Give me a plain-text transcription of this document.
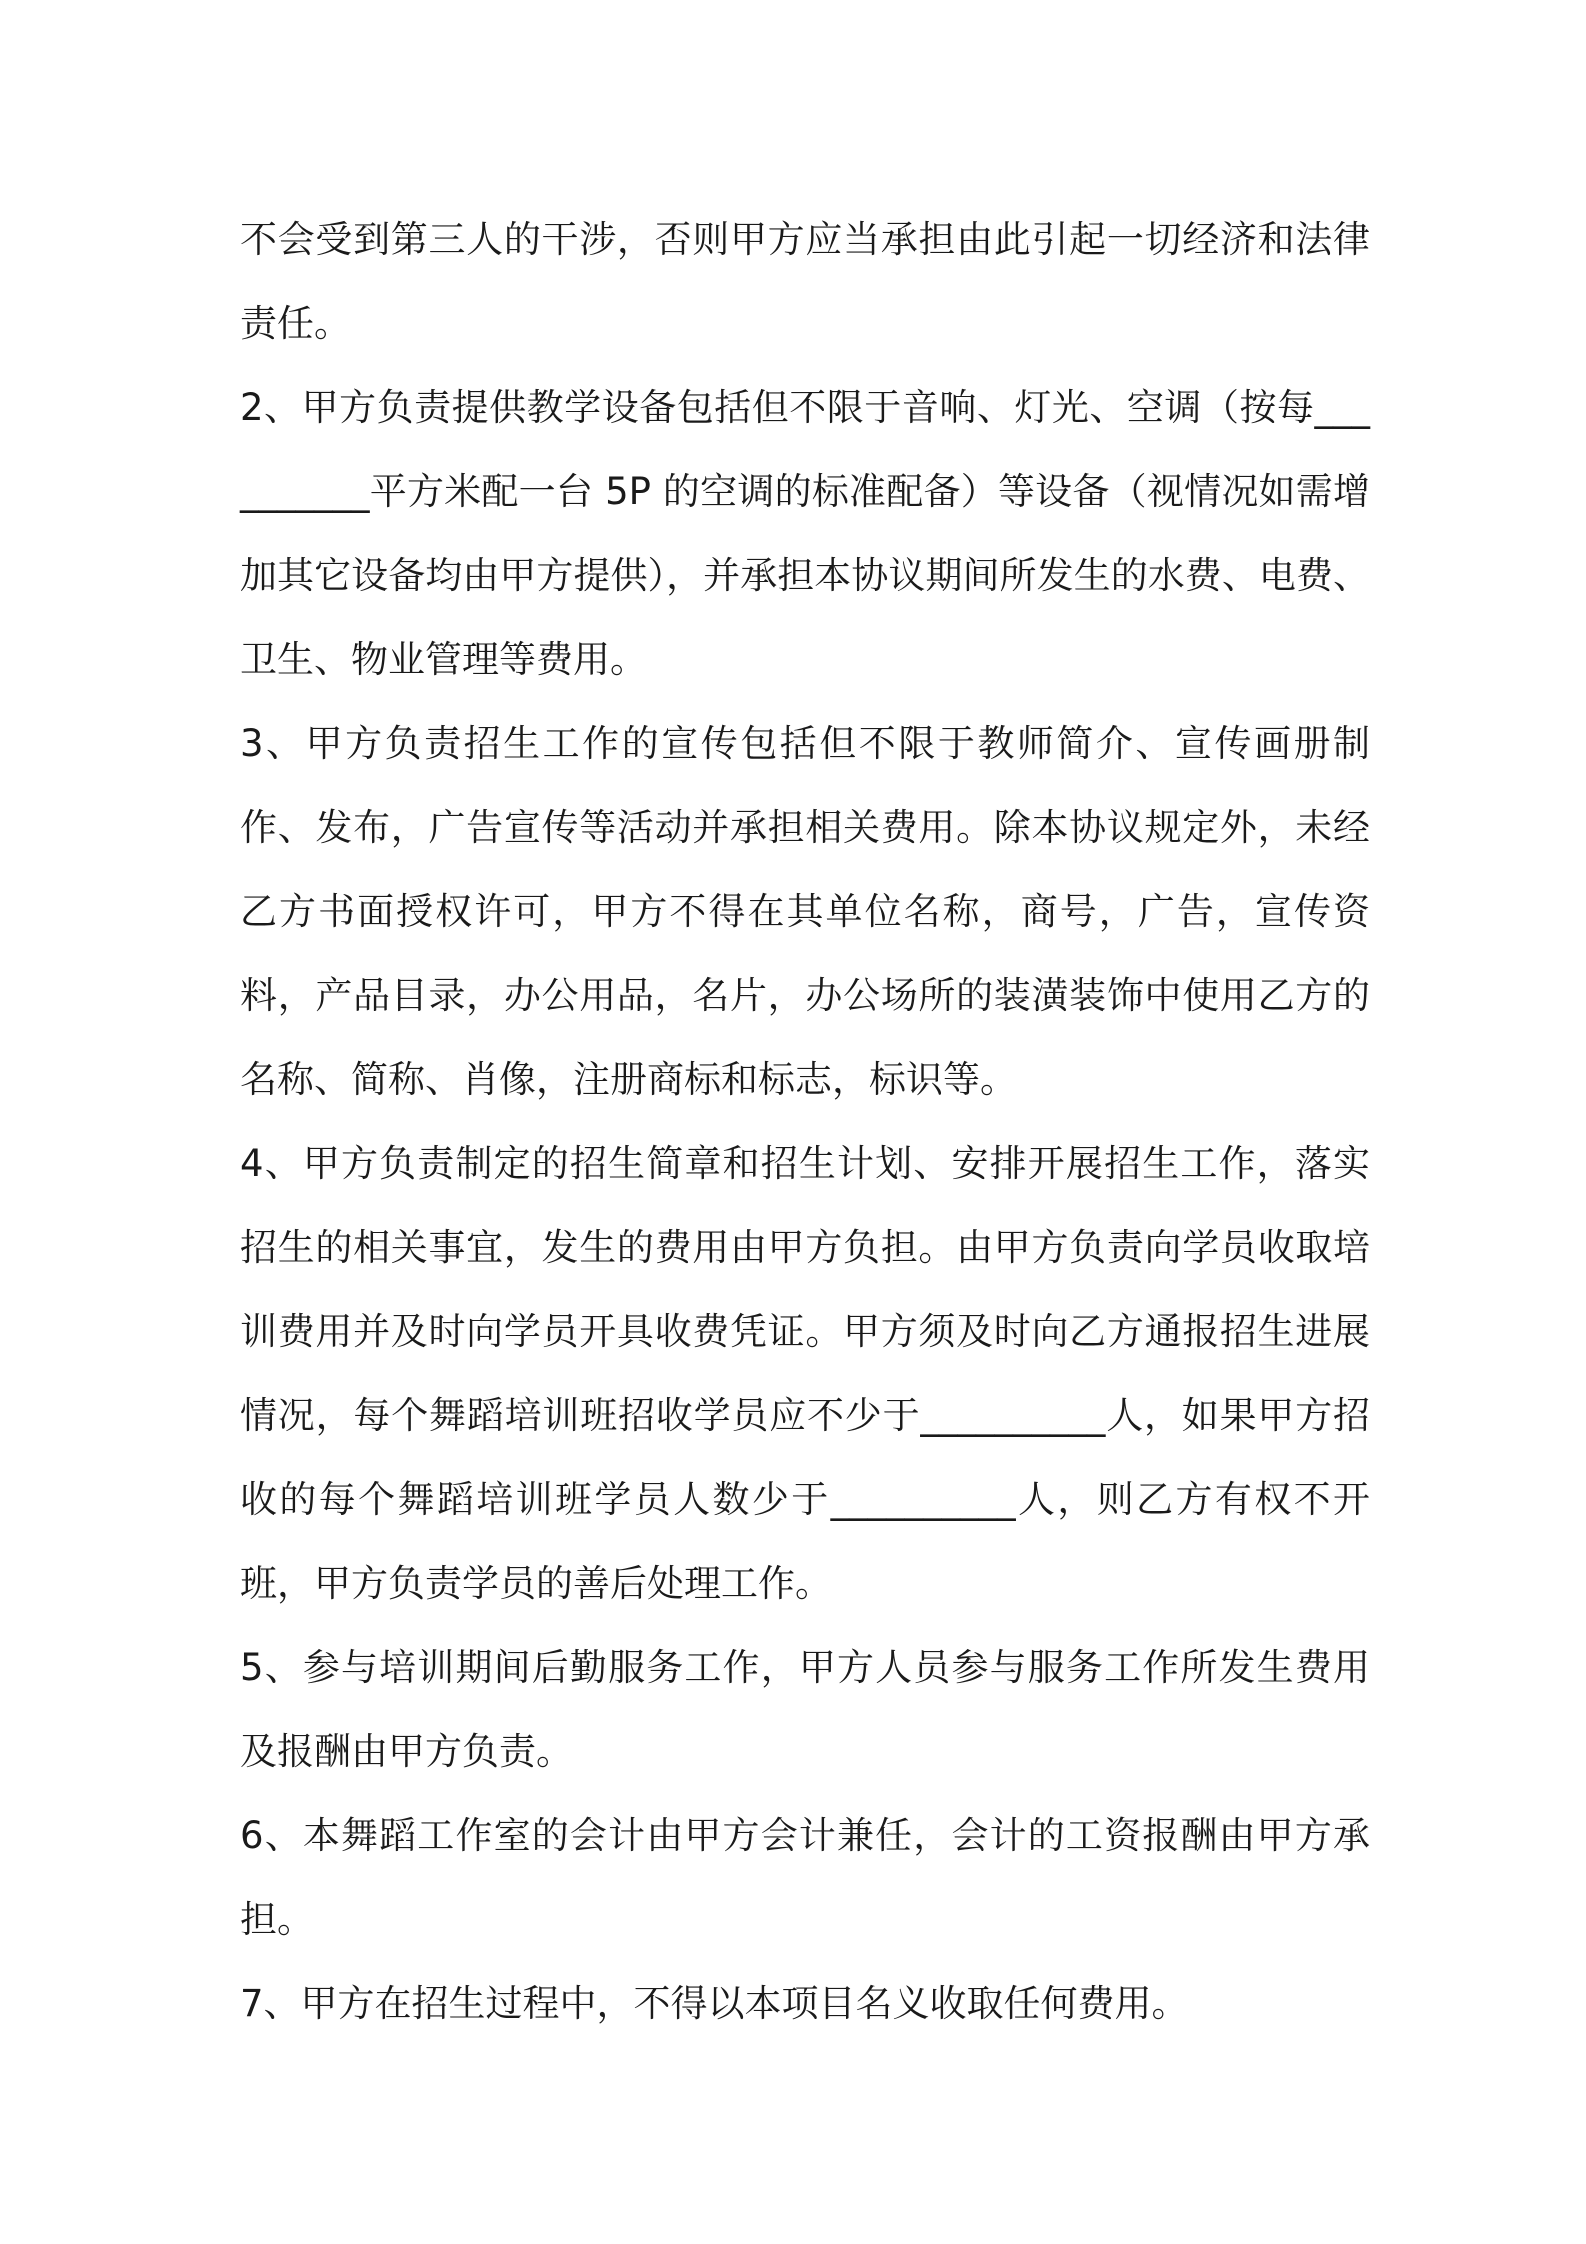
不会受到第三人的干涉，否则甲方应当承担由此引起一切经济和法律责任。

2、甲方负责提供教学设备包括但不限于音响、灯光、空调（按每__________平方米配一台 5P 的空调的标准配备）等设备（视情况如需增加其它设备均由甲方提供），并承担本协议期间所发生的水费、电费、卫生、物业管理等费用。

3、甲方负责招生工作的宣传包括但不限于教师简介、宣传画册制作、发布，广告宣传等活动并承担相关费用。除本协议规定外，未经乙方书面授权许可，甲方不得在其单位名称，商号，广告，宣传资料，产品目录，办公用品，名片，办公场所的装潢装饰中使用乙方的名称、简称、肖像，注册商标和标志，标识等。

4、甲方负责制定的招生简章和招生计划、安排开展招生工作，落实招生的相关事宜，发生的费用由甲方负担。由甲方负责向学员收取培训费用并及时向学员开具收费凭证。甲方须及时向乙方通报招生进展情况，每个舞蹈培训班招收学员应不少于__________人，如果甲方招收的每个舞蹈培训班学员人数少于__________人，则乙方有权不开班，甲方负责学员的善后处理工作。

5、参与培训期间后勤服务工作，甲方人员参与服务工作所发生费用及报酬由甲方负责。

6、本舞蹈工作室的会计由甲方会计兼任，会计的工资报酬由甲方承担。

7、甲方在招生过程中，不得以本项目名义收取任何费用。
